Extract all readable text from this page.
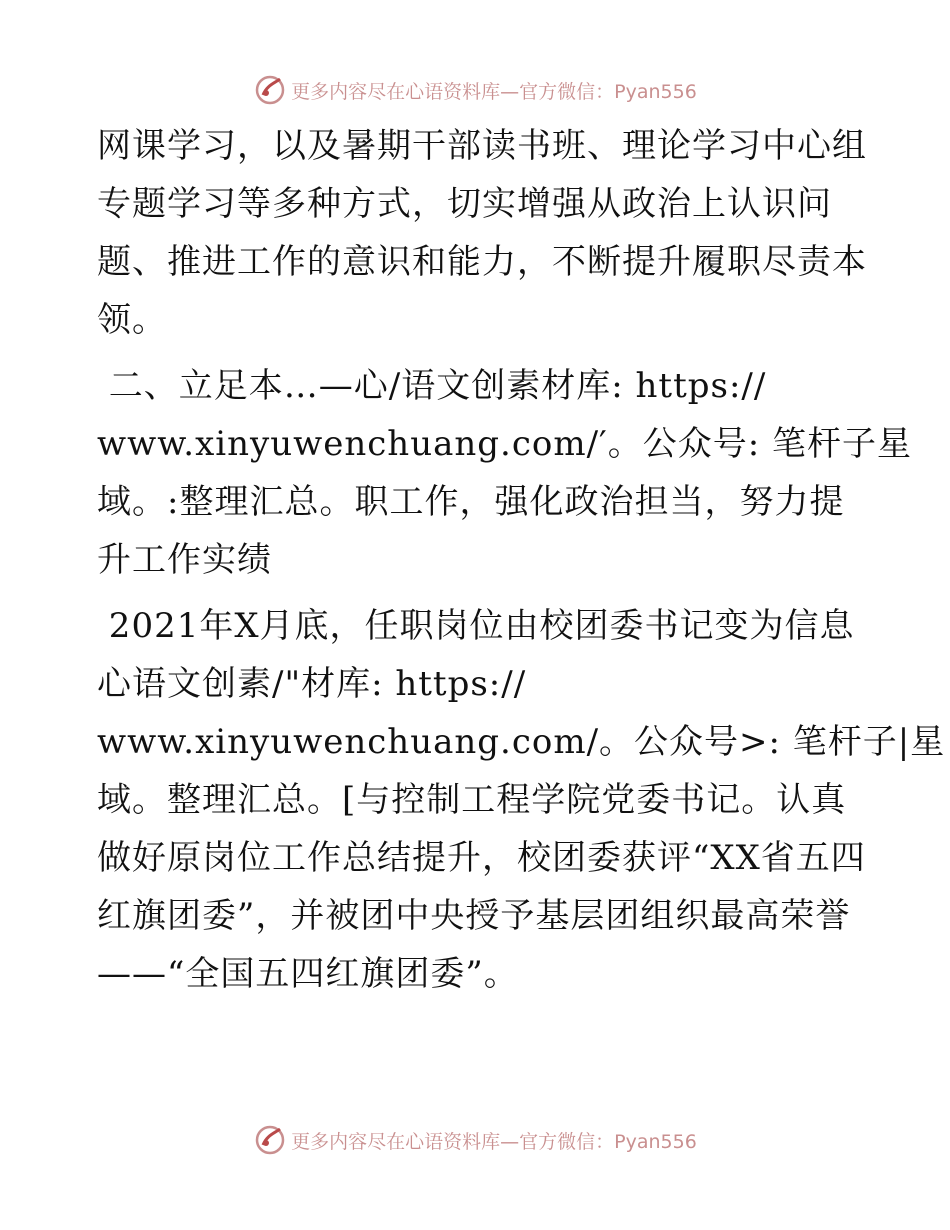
更多内容尽在心语资料库—官方微信：Pyan556
网课学习，以及暑期干部读书班、理论学习中心组
专题学习等多种方式，切实增强从政治上认识问
题、推进工作的意识和能力，不断提升履职尽责本
领。
二、立足本…—心/语文创素材库: https://
www.xinyuwenchuang.com/′。公众号: 笔杆子星
域。:整理汇总。职工作，强化政治担当，努力提
升工作实绩
2021年X月底，任职岗位由校团委书记变为信息
心语文创素/"材库: https://
www.xinyuwenchuang.com/。公众号>: 笔杆子|星
域。整理汇总。[与控制工程学院党委书记。认真
做好原岗位工作总结提升，校团委获评“XX省五四
红旗团委”，并被团中央授予基层团组织最高荣誉
——“全国五四红旗团委”。
更多内容尽在心语资料库—官方微信：Pyan556
